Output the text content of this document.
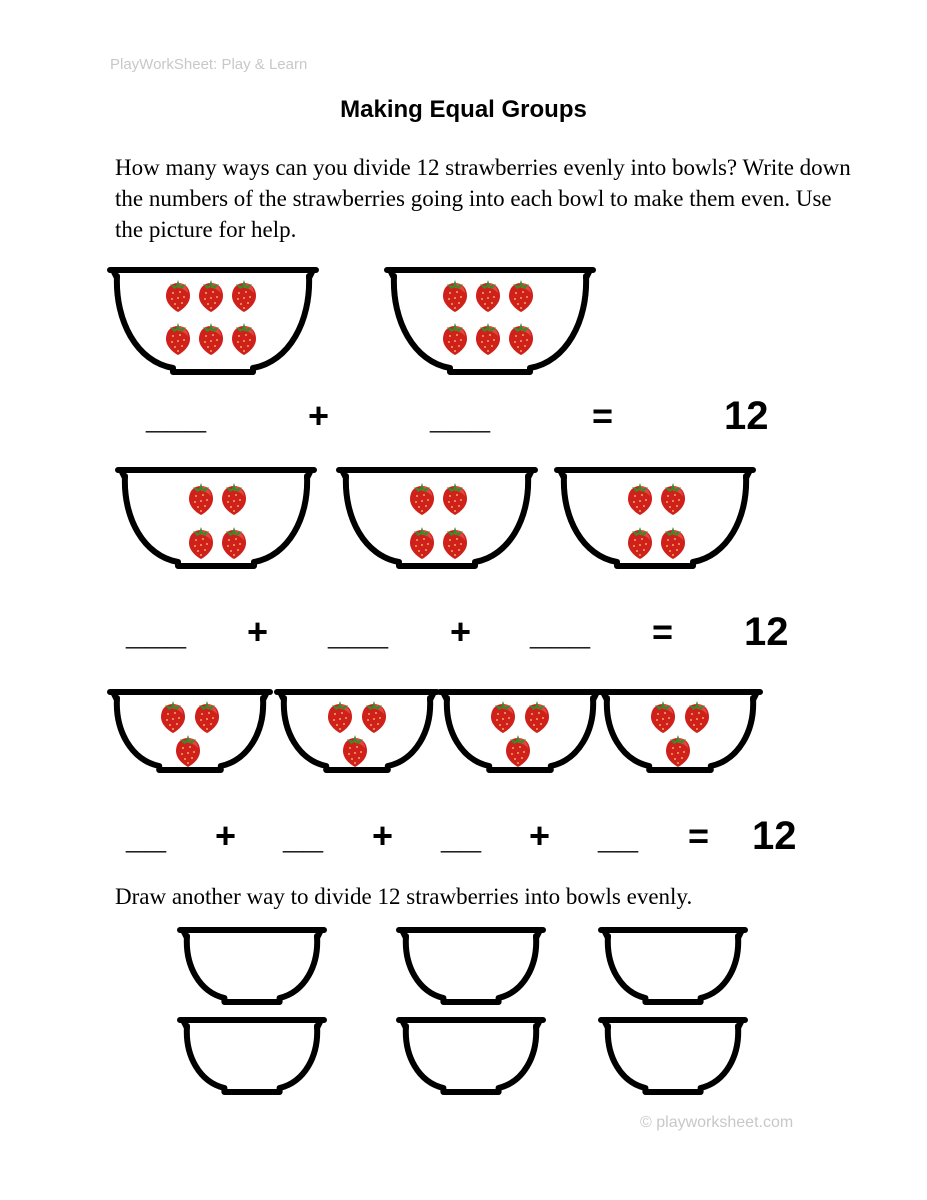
PlayWorkSheet: Play & Learn
Making Equal Groups
How many ways can you divide 12 strawberries evenly into bowls? Write down the numbers of the strawberries going into each bowl to make them even. Use the picture for help.
___	+	___	=	12
___ + ___ + ___ = 12
__ + __ + __ + __ = 12
Draw another way to divide 12 strawberries into bowls evenly.
© playworksheet.com
